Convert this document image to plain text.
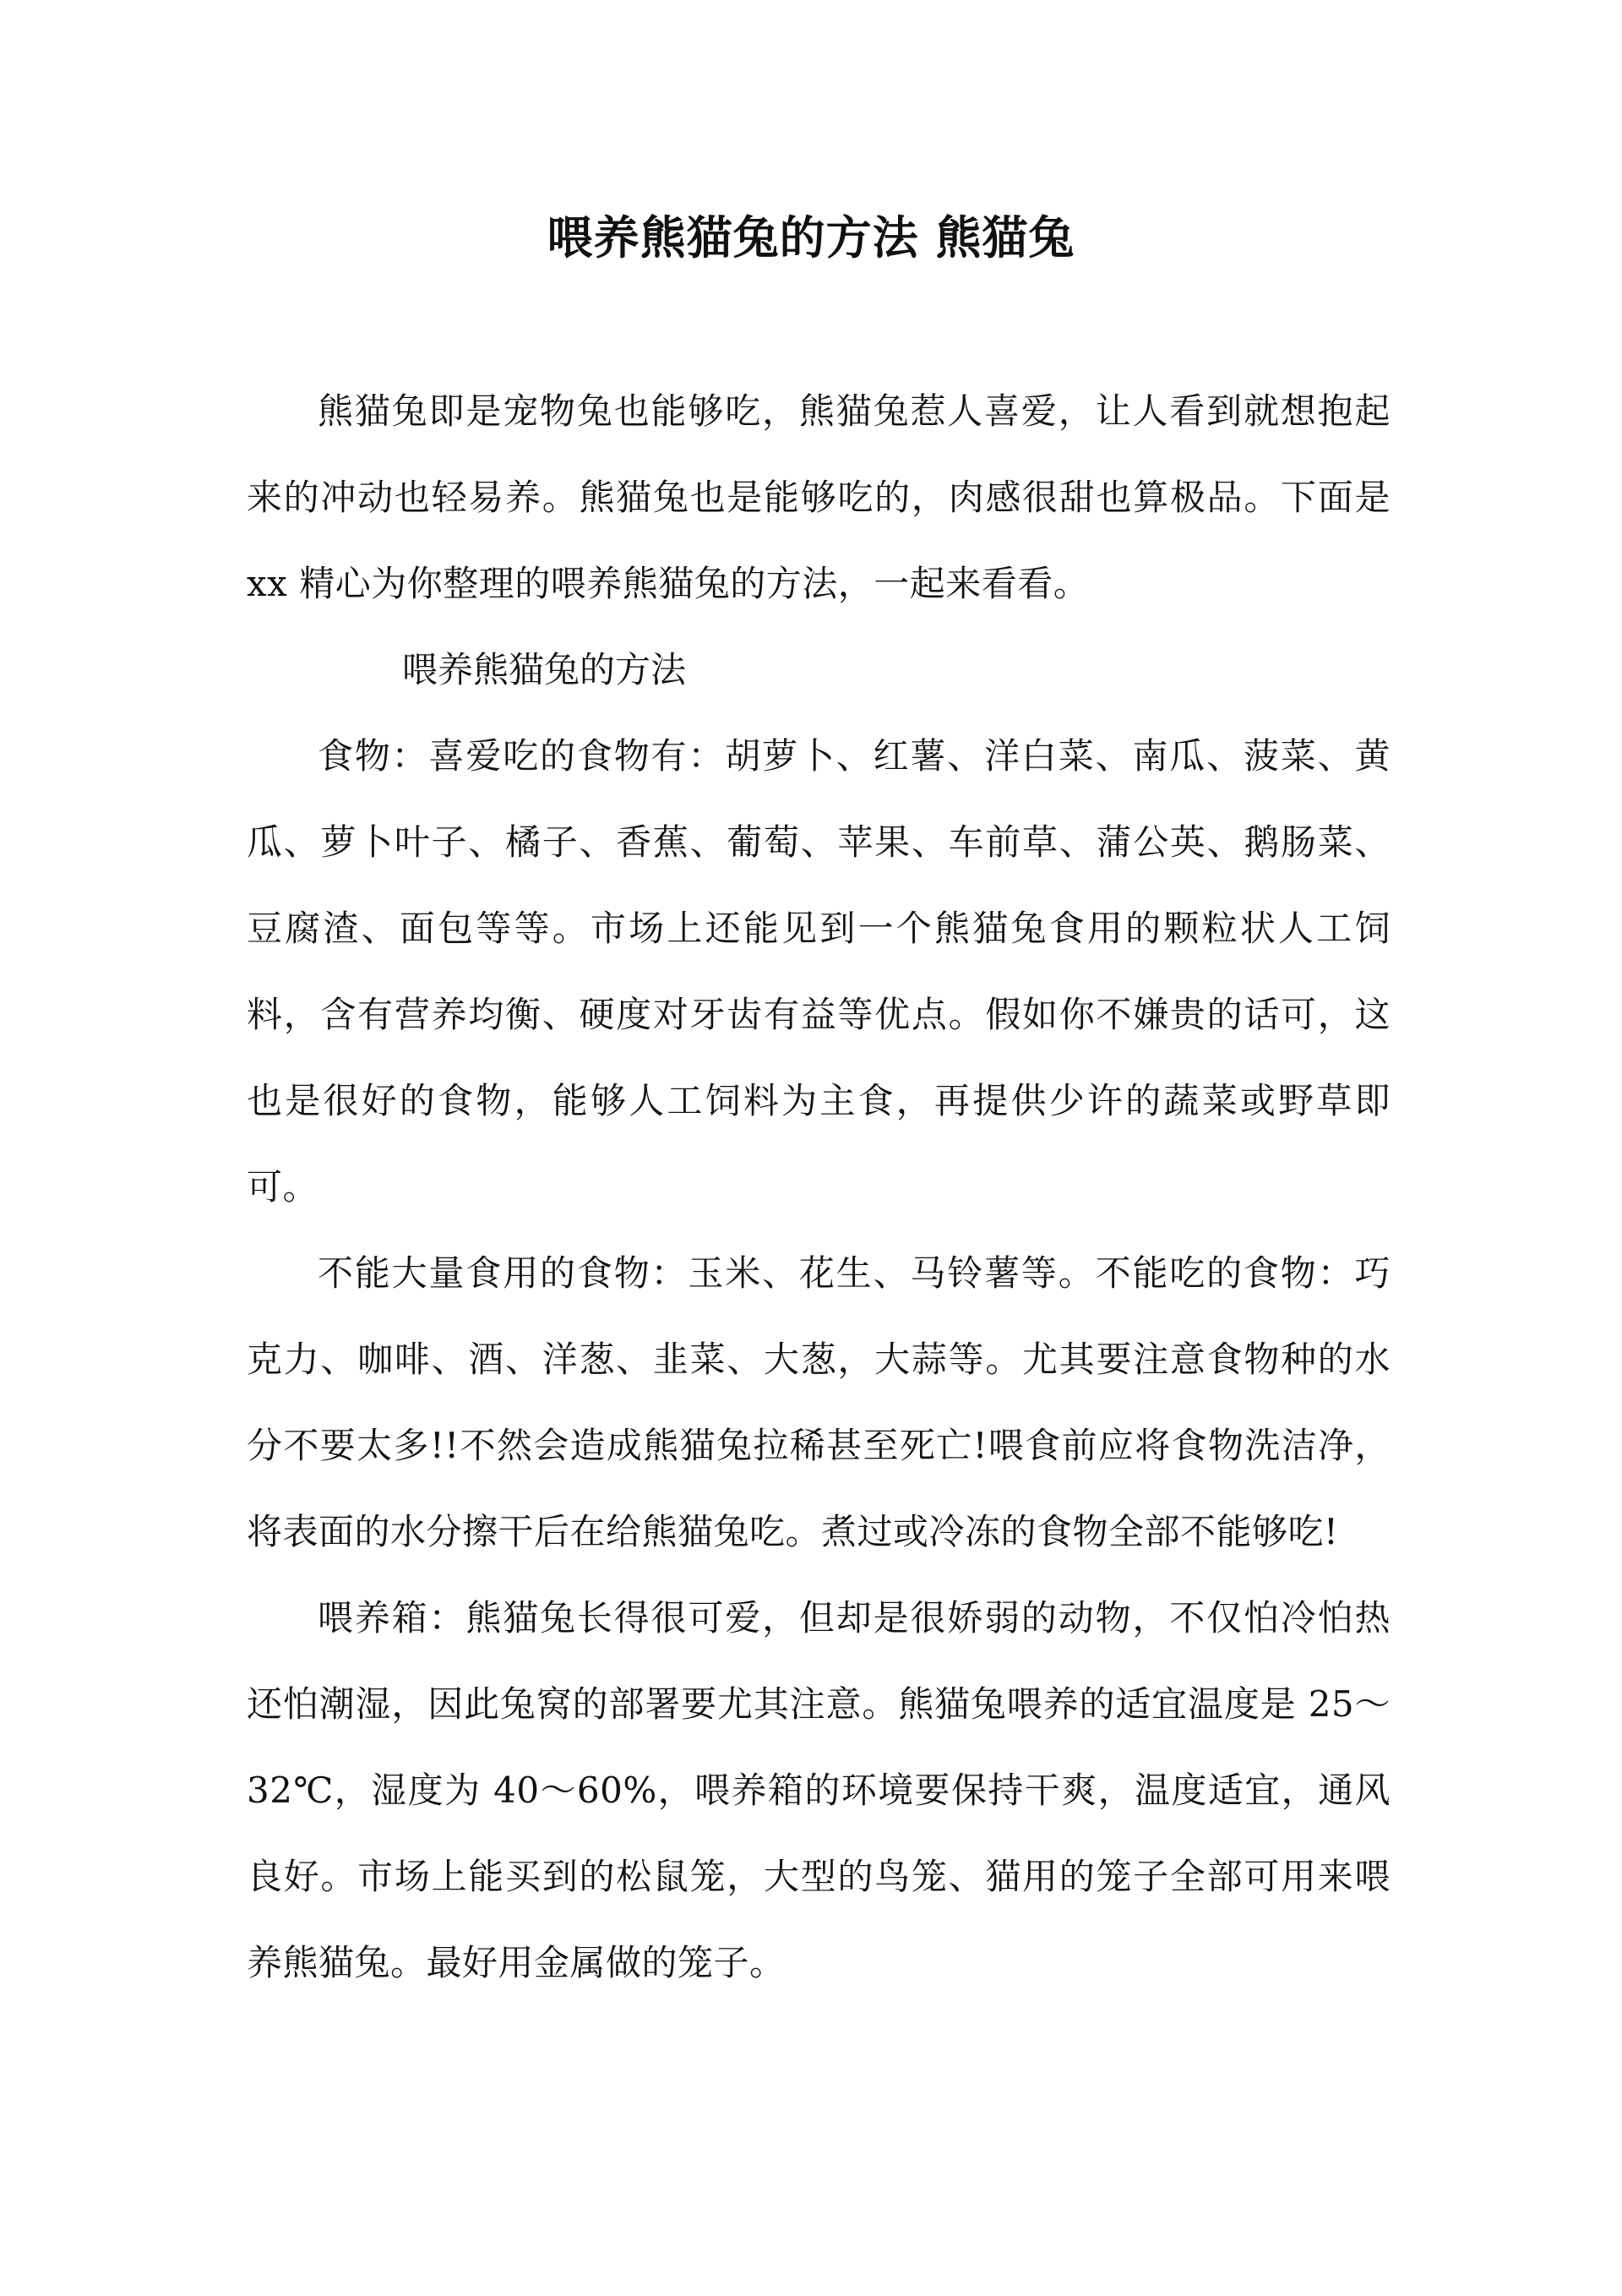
喂养熊猫兔的方法 熊猫兔

熊猫兔即是宠物兔也能够吃，熊猫兔惹人喜爱，让人看到就想抱起来的冲动也轻易养。熊猫兔也是能够吃的，肉感很甜也算极品。下面是 xx 精心为你整理的喂养熊猫兔的方法，一起来看看。

喂养熊猫兔的方法

食物：喜爱吃的食物有：胡萝卜、红薯、洋白菜、南瓜、菠菜、黄瓜、萝卜叶子、橘子、香蕉、葡萄、苹果、车前草、蒲公英、鹅肠菜、豆腐渣、面包等等。市场上还能见到一个熊猫兔食用的颗粒状人工饲料，含有营养均衡、硬度对牙齿有益等优点。假如你不嫌贵的话可，这也是很好的食物，能够人工饲料为主食，再提供少许的蔬菜或野草即可。

不能大量食用的食物：玉米、花生、马铃薯等。不能吃的食物：巧克力、咖啡、酒、洋葱、韭菜、大葱，大蒜等。尤其要注意食物种的水分不要太多!!不然会造成熊猫兔拉稀甚至死亡!喂食前应将食物洗洁净，将表面的水分擦干后在给熊猫兔吃。煮过或冷冻的食物全部不能够吃!

喂养箱：熊猫兔长得很可爱，但却是很娇弱的动物，不仅怕冷怕热还怕潮湿，因此兔窝的部署要尤其注意。熊猫兔喂养的适宜温度是 25～32℃，湿度为 40～60%，喂养箱的环境要保持干爽，温度适宜，通风良好。市场上能买到的松鼠笼，大型的鸟笼、猫用的笼子全部可用来喂养熊猫兔。最好用金属做的笼子。
